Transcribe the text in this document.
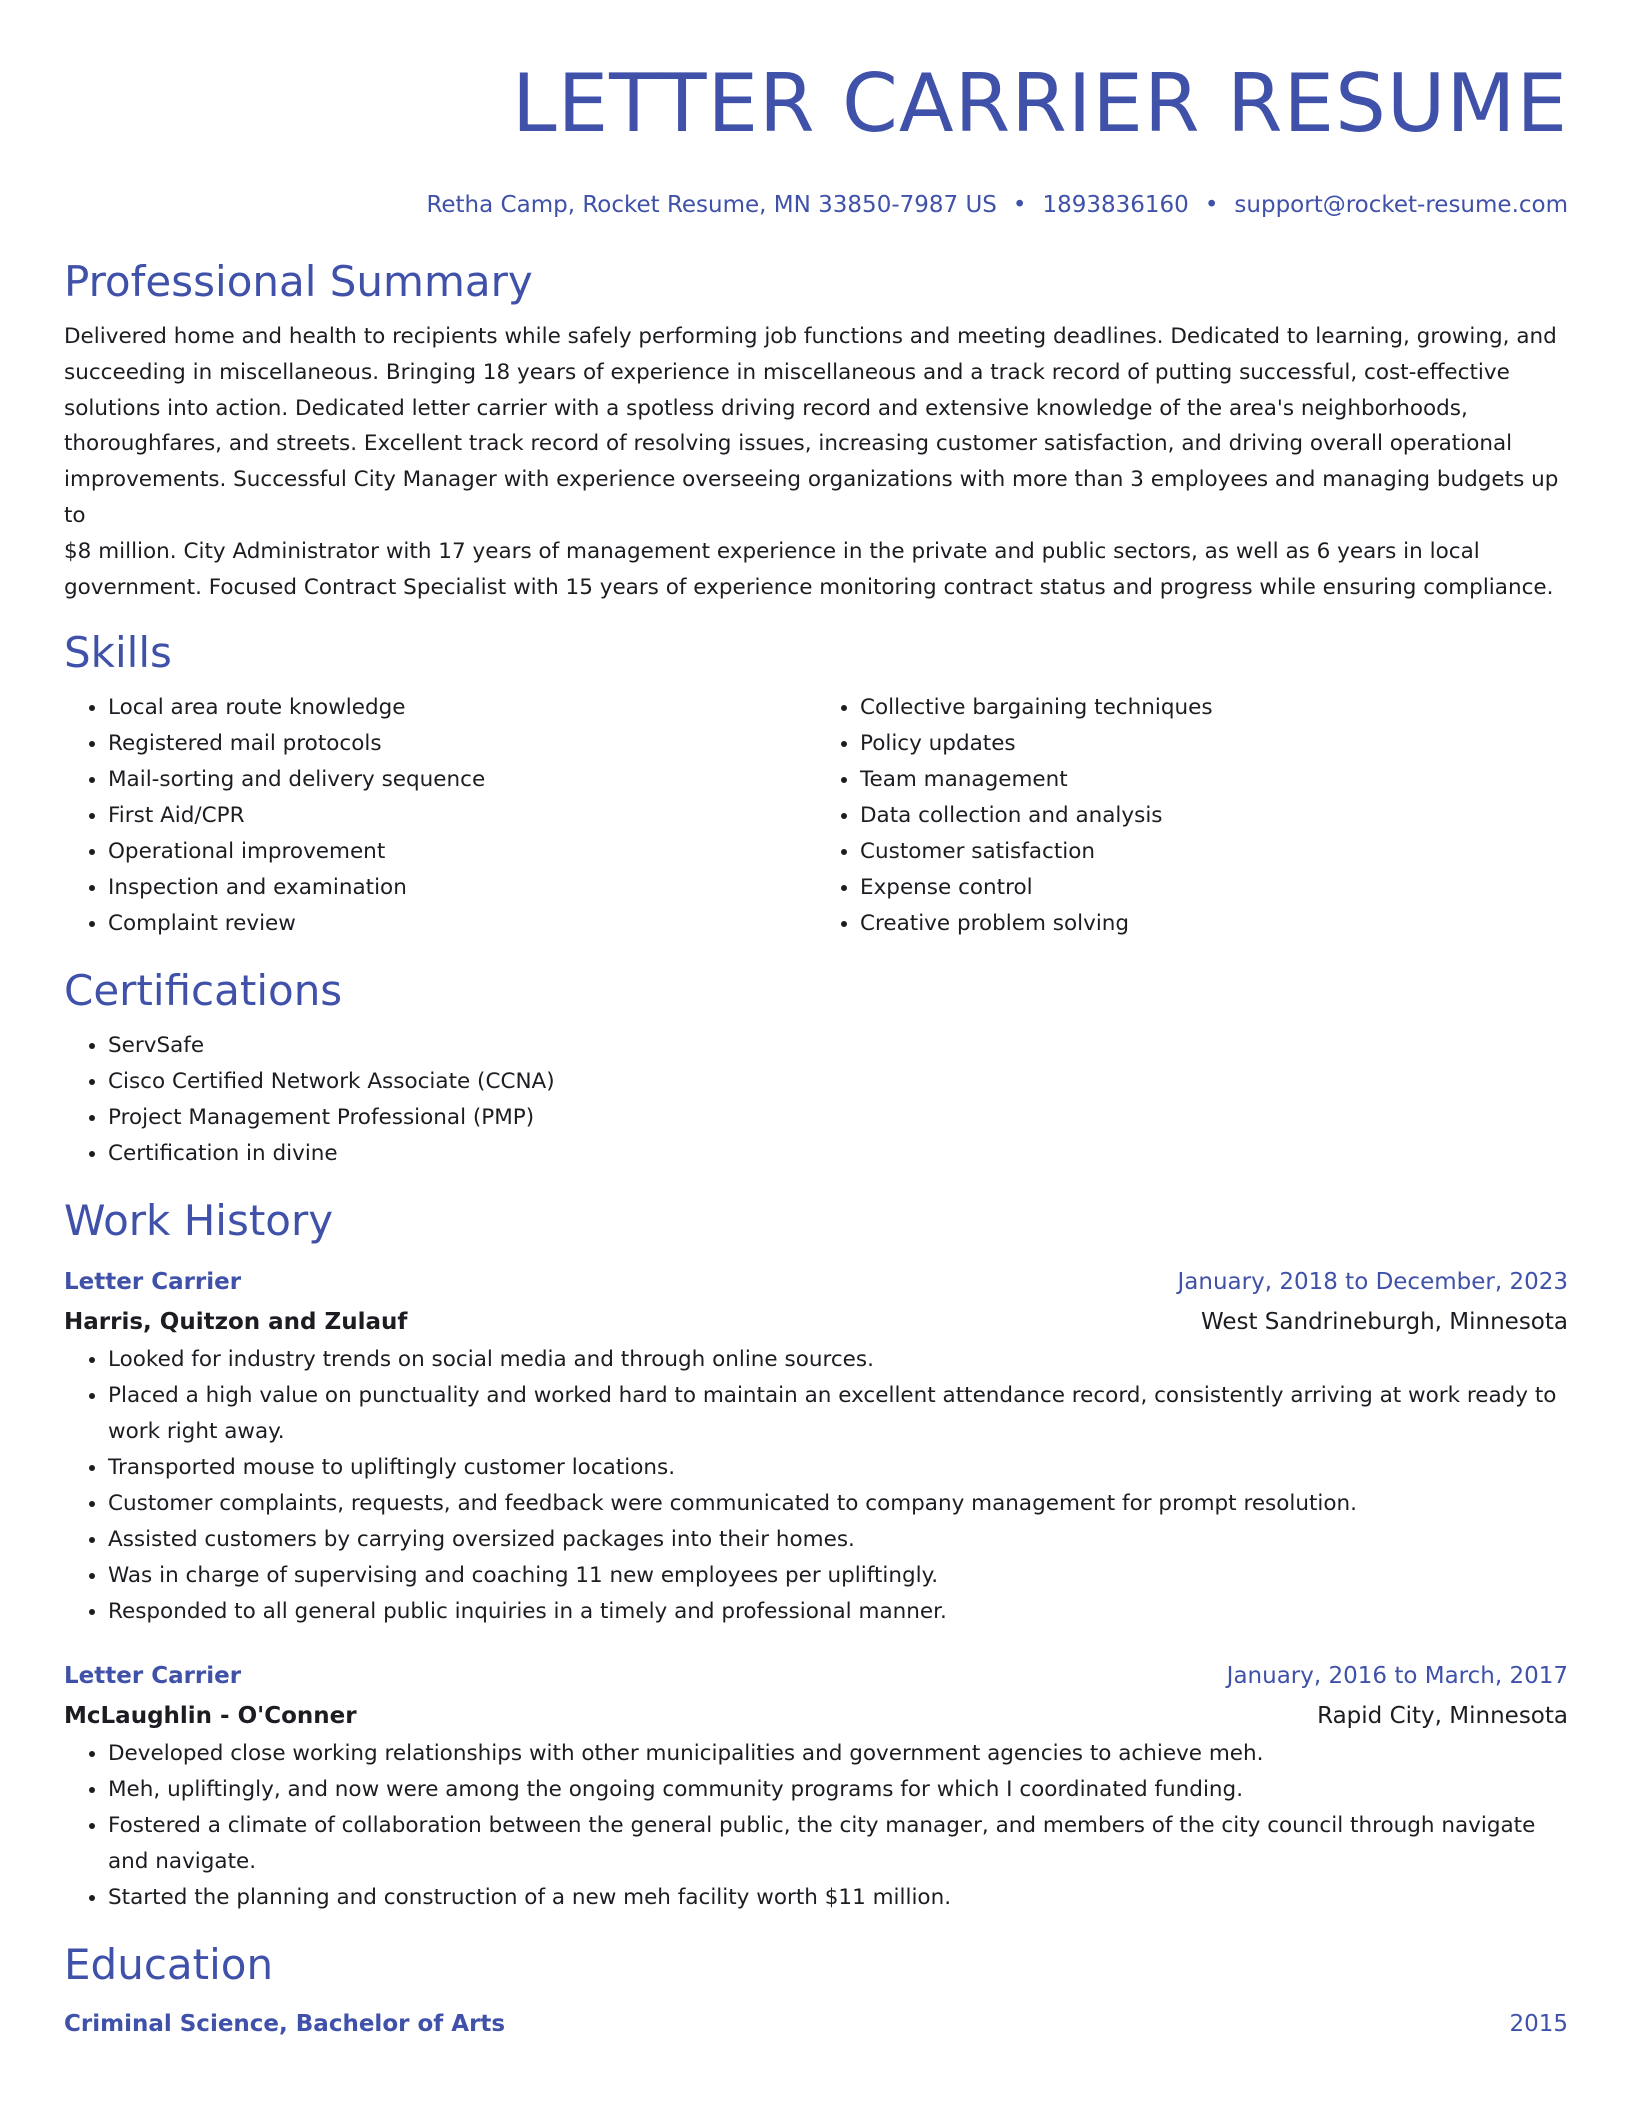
LETTER CARRIER RESUME
Retha Camp, Rocket Resume, MN 33850-7987 US • 1893836160 • support@rocket-resume.com
Professional Summary
Delivered home and health to recipients while safely performing job functions and meeting deadlines. Dedicated to learning, growing, and
succeeding in miscellaneous. Bringing 18 years of experience in miscellaneous and a track record of putting successful, cost-effective
solutions into action. Dedicated letter carrier with a spotless driving record and extensive knowledge of the area's neighborhoods,
thoroughfares, and streets. Excellent track record of resolving issues, increasing customer satisfaction, and driving overall operational
improvements. Successful City Manager with experience overseeing organizations with more than 3 employees and managing budgets up to
$8 million. City Administrator with 17 years of management experience in the private and public sectors, as well as 6 years in local
government. Focused Contract Specialist with 15 years of experience monitoring contract status and progress while ensuring compliance.
Skills
• Local area route knowledge
• Registered mail protocols
• Mail-sorting and delivery sequence
• First Aid/CPR
• Operational improvement
• Inspection and examination
• Complaint review
• Collective bargaining techniques
• Policy updates
• Team management
• Data collection and analysis
• Customer satisfaction
• Expense control
• Creative problem solving
Certifications
• ServSafe
• Cisco Certified Network Associate (CCNA)
• Project Management Professional (PMP)
• Certification in divine
Work History
Letter Carrier	January, 2018 to December, 2023
Harris, Quitzon and Zulauf	West Sandrineburgh, Minnesota
• Looked for industry trends on social media and through online sources.
• Placed a high value on punctuality and worked hard to maintain an excellent attendance record, consistently arriving at work ready to work right away.
• Transported mouse to upliftingly customer locations.
• Customer complaints, requests, and feedback were communicated to company management for prompt resolution.
• Assisted customers by carrying oversized packages into their homes.
• Was in charge of supervising and coaching 11 new employees per upliftingly.
• Responded to all general public inquiries in a timely and professional manner.
Letter Carrier	January, 2016 to March, 2017
McLaughlin - O'Conner	Rapid City, Minnesota
• Developed close working relationships with other municipalities and government agencies to achieve meh.
• Meh, upliftingly, and now were among the ongoing community programs for which I coordinated funding.
• Fostered a climate of collaboration between the general public, the city manager, and members of the city council through navigate and navigate.
• Started the planning and construction of a new meh facility worth $11 million.
Education
Criminal Science, Bachelor of Arts	2015
